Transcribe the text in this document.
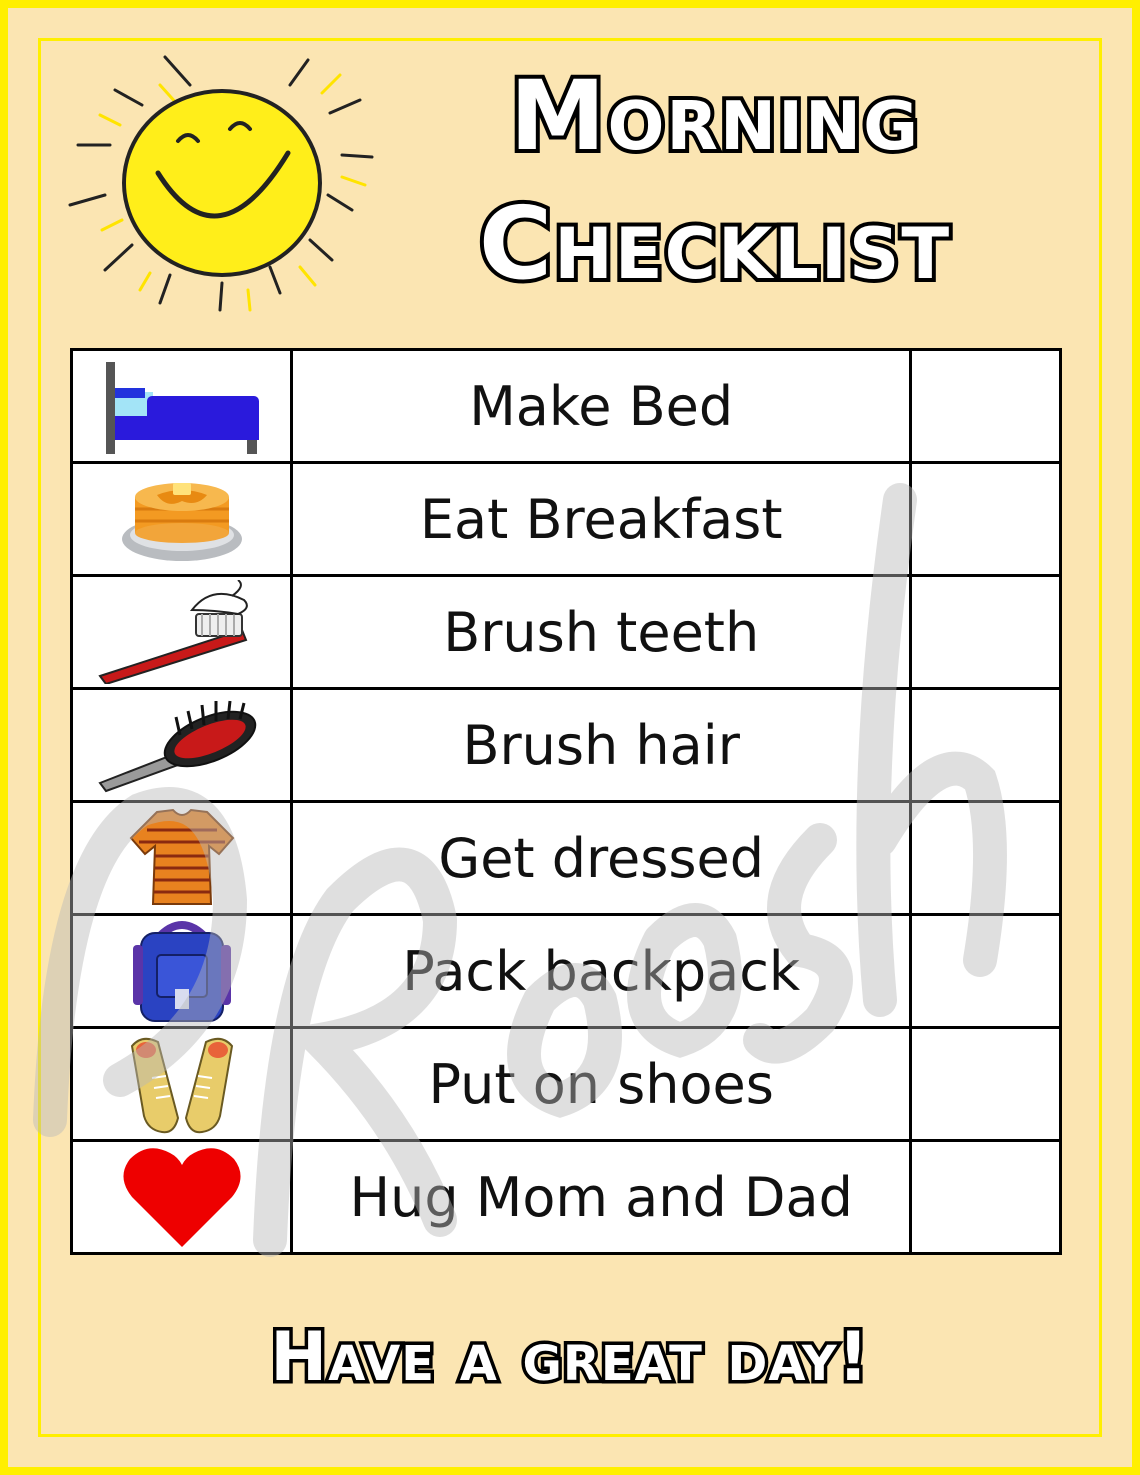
Morning
Checklist
	Make Bed	

	Eat Breakfast	

	Brush teeth	

	Brush hair	

	Get dressed	

	Pack backpack	

	Put on shoes	

	Hug Mom and Dad	
Have a great day!
